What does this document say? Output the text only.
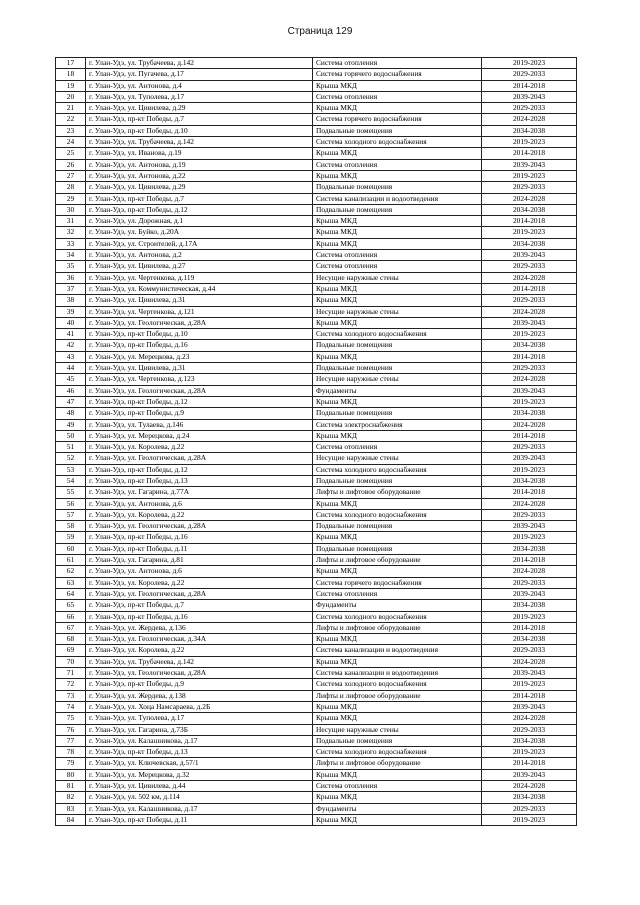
Страница 129
17	г. Улан-Удэ, ул. Трубачеева, д.142	Система отопления	2019-2023
18	г. Улан-Удэ, ул. Пугачева, д.17	Система горячего водоснабжения	2029-2033
19	г. Улан-Удэ, ул. Антонова, д.4	Крыша МКД	2014-2018
20	г. Улан-Удэ, ул. Туполева, д.17	Система отопления	2039-2043
21	г. Улан-Удэ, ул. Цивилева, д.29	Крыша МКД	2029-2033
22	г. Улан-Удэ, пр-кт Победы, д.7	Система горячего водоснабжения	2024-2028
23	г. Улан-Удэ, пр-кт Победы, д.10	Подвальные помещения	2034-2038
24	г. Улан-Удэ, ул. Трубачеева, д.142	Система холодного водоснабжения	2019-2023
25	г. Улан-Удэ, ул. Иванова, д.19	Крыша МКД	2014-2018
26	г. Улан-Удэ, ул. Антонова, д.19	Система отопления	2039-2043
27	г. Улан-Удэ, ул. Антонова, д.22	Крыша МКД	2019-2023
28	г. Улан-Удэ, ул. Цивилева, д.29	Подвальные помещения	2029-2033
29	г. Улан-Удэ, пр-кт Победы, д.7	Система канализации и водоотведения	2024-2028
30	г. Улан-Удэ, пр-кт Победы, д.12	Подвальные помещения	2034-2038
31	г. Улан-Удэ, ул. Дорожная, д.1	Крыша МКД	2014-2018
32	г. Улан-Удэ, ул. Буйко, д.20А	Крыша МКД	2019-2023
33	г. Улан-Удэ, ул. Строителей, д.17А	Крыша МКД	2034-2038
34	г. Улан-Удэ, ул. Антонова, д.2	Система отопления	2039-2043
35	г. Улан-Удэ, ул. Цивилева, д.27	Система отопления	2029-2033
36	г. Улан-Удэ, ул. Чертенкова, д.119	Несущие наружные стены	2024-2028
37	г. Улан-Удэ, ул. Коммунистическая, д.44	Крыша МКД	2014-2018
38	г. Улан-Удэ, ул. Цивилева, д.31	Крыша МКД	2029-2033
39	г. Улан-Удэ, ул. Чертенкова, д.121	Несущие наружные стены	2024-2028
40	г. Улан-Удэ, ул. Геологическая, д.28А	Крыша МКД	2039-2043
41	г. Улан-Удэ, пр-кт Победы, д.10	Система холодного водоснабжения	2019-2023
42	г. Улан-Удэ, пр-кт Победы, д.16	Подвальные помещения	2034-2038
43	г. Улан-Удэ, ул. Мерецкова, д.23	Крыша МКД	2014-2018
44	г. Улан-Удэ, ул. Цивилева, д.31	Подвальные помещения	2029-2033
45	г. Улан-Удэ, ул. Чертенкова, д.123	Несущие наружные стены	2024-2028
46	г. Улан-Удэ, ул. Геологическая, д.28А	Фундаменты	2039-2043
47	г. Улан-Удэ, пр-кт Победы, д.12	Крыша МКД	2019-2023
48	г. Улан-Удэ, пр-кт Победы, д.9	Подвальные помещения	2034-2038
49	г. Улан-Удэ, ул. Тулаева, д.146	Система электроснабжения	2024-2028
50	г. Улан-Удэ, ул. Мерецкова, д.24	Крыша МКД	2014-2018
51	г. Улан-Удэ, ул. Королева, д.22	Система отопления	2029-2033
52	г. Улан-Удэ, ул. Геологическая, д.28А	Несущие наружные стены	2039-2043
53	г. Улан-Удэ, пр-кт Победы, д.12	Система холодного водоснабжения	2019-2023
54	г. Улан-Удэ, пр-кт Победы, д.13	Подвальные помещения	2034-2038
55	г. Улан-Удэ, ул. Гагарина, д.77А	Лифты и лифтовое оборудование	2014-2018
56	г. Улан-Удэ, ул. Антонова, д.6	Крыша МКД	2024-2028
57	г. Улан-Удэ, ул. Королева, д.22	Система холодного водоснабжения	2029-2033
58	г. Улан-Удэ, ул. Геологическая, д.28А	Подвальные помещения	2039-2043
59	г. Улан-Удэ, пр-кт Победы, д.16	Крыша МКД	2019-2023
60	г. Улан-Удэ, пр-кт Победы, д.11	Подвальные помещения	2034-2038
61	г. Улан-Удэ, ул. Гагарина, д.81	Лифты и лифтовое оборудование	2014-2018
62	г. Улан-Удэ, ул. Антонова, д.6	Крыша МКД	2024-2028
63	г. Улан-Удэ, ул. Королева, д.22	Система горячего водоснабжения	2029-2033
64	г. Улан-Удэ, ул. Геологическая, д.28А	Система отопления	2039-2043
65	г. Улан-Удэ, пр-кт Победы, д.7	Фундаменты	2034-2038
66	г. Улан-Удэ, пр-кт Победы, д.16	Система холодного водоснабжения	2019-2023
67	г. Улан-Удэ, ул. Жердева, д.136	Лифты и лифтовое оборудование	2014-2018
68	г. Улан-Удэ, ул. Геологическая, д.34А	Крыша МКД	2034-2038
69	г. Улан-Удэ, ул. Королева, д.22	Система канализации и водоотведения	2029-2033
70	г. Улан-Удэ, ул. Трубачеева, д.142	Крыша МКД	2024-2028
71	г. Улан-Удэ, ул. Геологическая, д.28А	Система канализации и водоотведения	2039-2043
72	г. Улан-Удэ, пр-кт Победы, д.9	Система холодного водоснабжения	2019-2023
73	г. Улан-Удэ, ул. Жердева, д.138	Лифты и лифтовое оборудование	2014-2018
74	г. Улан-Удэ, ул. Хоца Намсараева, д.2Б	Крыша МКД	2039-2043
75	г. Улан-Удэ, ул. Туполева, д.17	Крыша МКД	2024-2028
76	г. Улан-Удэ, ул. Гагарина, д.73Б	Несущие наружные стены	2029-2033
77	г. Улан-Удэ, ул. Калашникова, д.17	Подвальные помещения	2034-2038
78	г. Улан-Удэ, пр-кт Победы, д.13	Система холодного водоснабжения	2019-2023
79	г. Улан-Удэ, ул. Ключевская, д.57/1	Лифты и лифтовое оборудование	2014-2018
80	г. Улан-Удэ, ул. Мерецкова, д.32	Крыша МКД	2039-2043
81	г. Улан-Удэ, ул. Цивилева, д.44	Система отопления	2024-2028
82	г. Улан-Удэ, ул. 502 км, д.114	Крыша МКД	2034-2038
83	г. Улан-Удэ, ул. Калашникова, д.17	Фундаменты	2029-2033
84	г. Улан-Удэ, пр-кт Победы, д.11	Крыша МКД	2019-2023
